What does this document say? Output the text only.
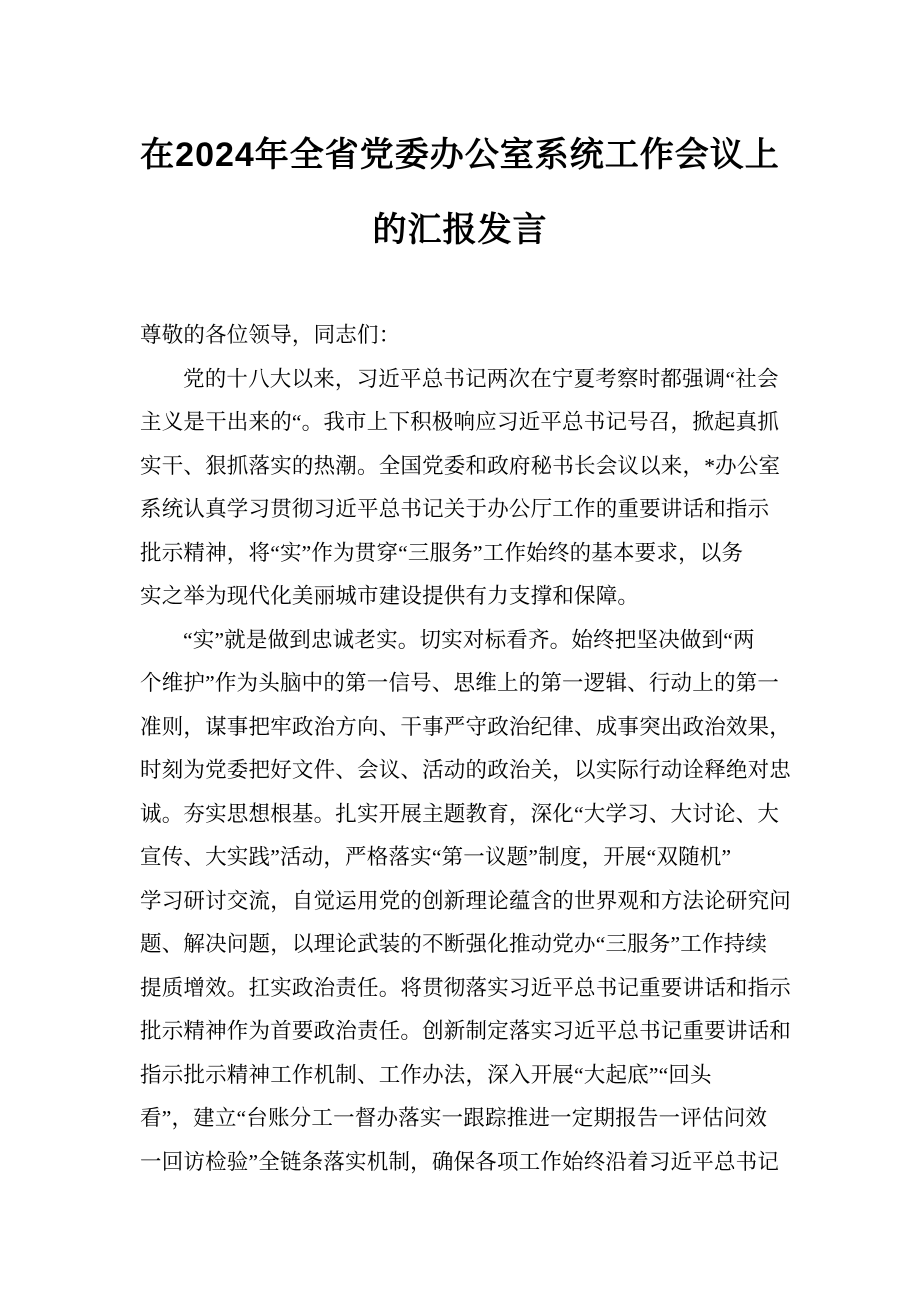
在2024年全省党委办公室系统工作会议上
的汇报发言
尊敬的各位领导，同志们：
党的十八大以来，习近平总书记两次在宁夏考察时都强调“社会
主义是干出来的“。我市上下积极响应习近平总书记号召，掀起真抓
实干、狠抓落实的热潮。全国党委和政府秘书长会议以来，*办公室
系统认真学习贯彻习近平总书记关于办公厅工作的重要讲话和指示
批示精神，将“实”作为贯穿“三服务”工作始终的基本要求，以务
实之举为现代化美丽城市建设提供有力支撑和保障。
“实”就是做到忠诚老实。切实对标看齐。始终把坚决做到“两
个维护”作为头脑中的第一信号、思维上的第一逻辑、行动上的第一
准则，谋事把牢政治方向、干事严守政治纪律、成事突出政治效果，
时刻为党委把好文件、会议、活动的政治关，以实际行动诠释绝对忠
诚。夯实思想根基。扎实开展主题教育，深化“大学习、大讨论、大
宣传、大实践”活动，严格落实“第一议题”制度，开展“双随机”
学习研讨交流，自觉运用党的创新理论蕴含的世界观和方法论研究问
题、解决问题，以理论武装的不断强化推动党办“三服务”工作持续
提质增效。扛实政治责任。将贯彻落实习近平总书记重要讲话和指示
批示精神作为首要政治责任。创新制定落实习近平总书记重要讲话和
指示批示精神工作机制、工作办法，深入开展“大起底”“回头
看”，建立“台账分工一督办落实一跟踪推进一定期报告一评估问效
一回访检验”全链条落实机制，确保各项工作始终沿着习近平总书记
